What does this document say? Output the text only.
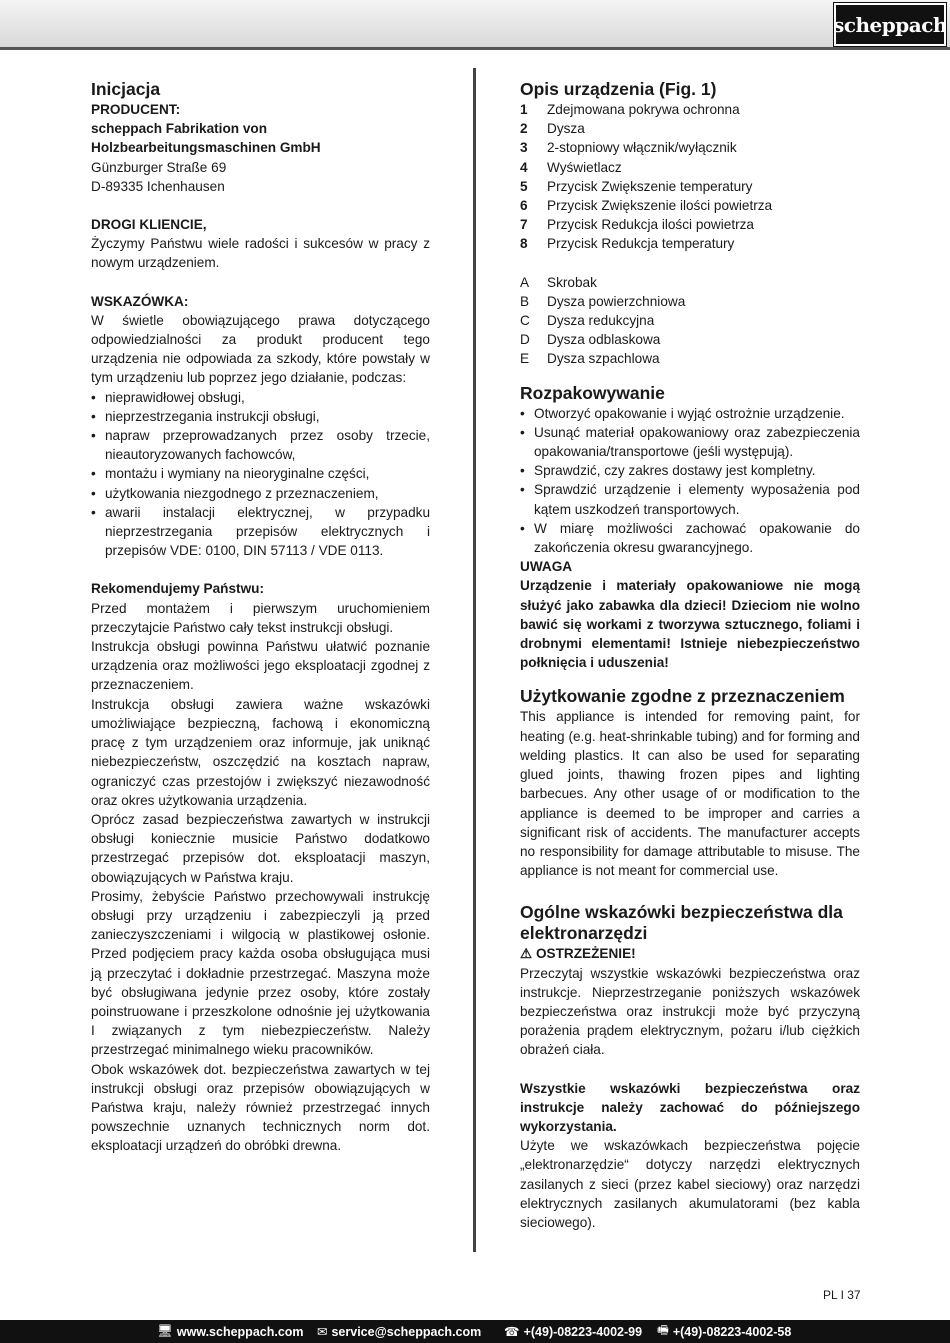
scheppach
Inicjacja
PRODUCENT:
scheppach Fabrikation von
Holzbearbeitungsmaschinen GmbH
Günzburger Straße 69
D-89335 Ichenhausen
DROGI KLIENCIE,
Życzymy Państwu wiele radości i sukcesów w pracy z nowym urządzeniem.
WSKAZÓWKA:
W świetle obowiązującego prawa dotyczącego odpowiedzialności za produkt producent tego urządzenia nie odpowiada za szkody, które powstały w tym urządzeniu lub poprzez jego działanie, podczas:
• nieprawidłowej obsługi,
• nieprzestrzegania instrukcji obsługi,
• napraw przeprowadzanych przez osoby trzecie, nieautoryzowanych fachowców,
• montażu i wymiany na nieoryginalne części,
• użytkowania niezgodnego z przeznaczeniem,
• awarii instalacji elektrycznej, w przypadku nieprzestrzegania przepisów elektrycznych i przepisów VDE: 0100, DIN 57113 / VDE 0113.
Rekomendujemy Państwu:

Przed montażem i pierwszym uruchomieniem przeczytajcie Państwo cały tekst instrukcji obsługi.

Instrukcja obsługi powinna Państwu ułatwić poznanie urządzenia oraz możliwości jego eksploatacji zgodnej z przeznaczeniem.

Instrukcja obsługi zawiera ważne wskazówki umożliwiające bezpieczną, fachową i ekonomiczną pracę z tym urządzeniem oraz informuje, jak uniknąć niebezpieczeństw, oszczędzić na kosztach napraw, ograniczyć czas przestojów i zwiększyć niezawodność oraz okres użytkowania urządzenia.

Oprócz zasad bezpieczeństwa zawartych w instrukcji obsługi koniecznie musicie Państwo dodatkowo przestrzegać przepisów dot. eksploatacji maszyn, obowiązujących w Państwa kraju.

Prosimy, żebyście Państwo przechowywali instrukcję obsługi przy urządzeniu i zabezpieczyli ją przed zanieczyszczeniami i wilgocią w plastikowej osłonie. Przed podjęciem pracy każda osoba obsługująca musi ją przeczytać i dokładnie przestrzegać. Maszyna może być obsługiwana jedynie przez osoby, które zostały poinstruowane i przeszkolone odnośnie jej użytkowania I związanych z tym niebezpieczeństw. Należy przestrzegać minimalnego wieku pracowników.

Obok wskazówek dot. bezpieczeństwa zawartych w tej instrukcji obsługi oraz przepisów obowiązujących w Państwa kraju, należy również przestrzegać innych powszechnie uznanych technicznych norm dot. eksploatacji urządzeń do obróbki drewna.

Opis urządzenia (Fig. 1)
1	Zdejmowana pokrywa ochronna
2	Dysza
3	2-stopniowy włącznik/wyłącznik
4	Wyświetlacz
5	Przycisk Zwiększenie temperatury
6	Przycisk Zwiększenie ilości powietrza
7	Przycisk Redukcja ilości powietrza
8	Przycisk Redukcja temperatury
A	Skrobak
B	Dysza powierzchniowa
C	Dysza redukcyjna
D	Dysza odblaskowa
E	Dysza szpachlowa
Rozpakowywanie
• Otworzyć opakowanie i wyjąć ostrożnie urządzenie.
• Usunąć materiał opakowaniowy oraz zabezpieczenia opakowania/transportowe (jeśli występują).
• Sprawdzić, czy zakres dostawy jest kompletny.
• Sprawdzić urządzenie i elementy wyposażenia pod kątem uszkodzeń transportowych.
• W miarę możliwości zachować opakowanie do zakończenia okresu gwarancyjnego.
UWAGA
Urządzenie i materiały opakowaniowe nie mogą służyć jako zabawka dla dzieci! Dzieciom nie wolno bawić się workami z tworzywa sztucznego, foliami i drobnymi elementami! Istnieje niebezpieczeństwo połknięcia i uduszenia!
Użytkowanie zgodne z przeznaczeniem
This appliance is intended for removing paint, for heating (e.g. heat-shrinkable tubing) and for forming and welding plastics. It can also be used for separating glued joints, thawing frozen pipes and lighting barbecues. Any other usage of or modification to the appliance is deemed to be improper and carries a significant risk of accidents. The manufacturer accepts no responsibility for damage attributable to misuse. The appliance is not meant for commercial use.
Ogólne wskazówki bezpieczeństwa dla elektronarzędzi
⚠ OSTRZEŻENIE!
Przeczytaj wszystkie wskazówki bezpieczeństwa oraz instrukcje. Nieprzestrzeganie poniższych wskazówek bezpieczeństwa oraz instrukcji może być przyczyną porażenia prądem elektrycznym, pożaru i/lub ciężkich obrażeń ciała.
Wszystkie wskazówki bezpieczeństwa oraz instrukcje należy zachować do późniejszego wykorzystania.
Użyte we wskazówkach bezpieczeństwa pojęcie „elektronarzędzie“ dotyczy narzędzi elektrycznych zasilanych z sieci (przez kabel sieciowy) oraz narzędzi elektrycznych zasilanych akumulatorami (bez kabla sieciowego).
PL I 37
🖥 www.scheppach.com ✉ service@scheppach.com ☎ +(49)-08223-4002-99 🖷 +(49)-08223-4002-58
